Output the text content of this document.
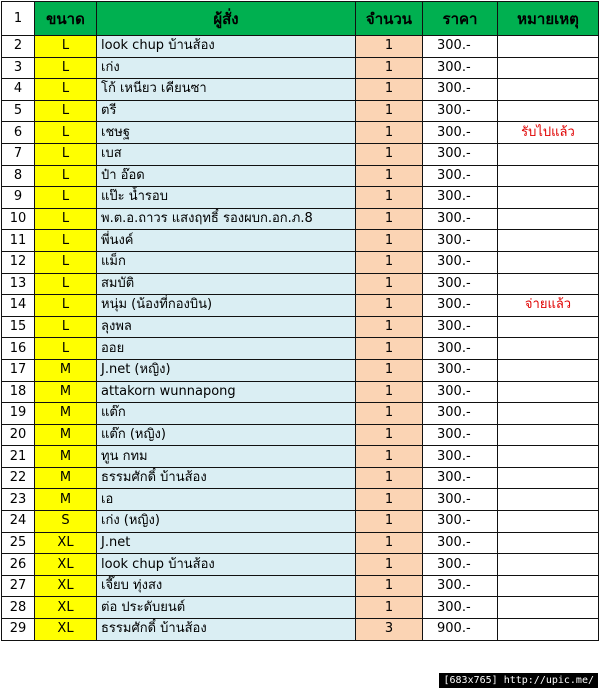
1	ขนาด	ผู้สั่ง	จำนวน	ราคา	หมายเหตุ
2	L	look chup บ้านส้อง	1	300.-	
3	L	เก่ง	1	300.-	
4	L	โก้ เหนียว เคียนซา	1	300.-	
5	L	ตรี	1	300.-	
6	L	เชษฐ	1	300.-	รับไปแล้ว
7	L	เบส	1	300.-	
8	L	ป๋า อ๊อด	1	300.-	
9	L	แป๊ะ น้ำรอบ	1	300.-	
10	L	พ.ต.อ.ถาวร แสงฤทธิ์ รองผบก.อก.ภ.8	1	300.-	
11	L	พี่นงค์	1	300.-	
12	L	แม็ก	1	300.-	
13	L	สมบัติ	1	300.-	
14	L	หนุ่ม (น้องที่กองบิน)	1	300.-	จ่ายแล้ว
15	L	ลุงพล	1	300.-	
16	L	ออย	1	300.-	
17	M	J.net (หญิง)	1	300.-	
18	M	attakorn wunnapong	1	300.-	
19	M	แต๊ก	1	300.-	
20	M	แต๊ก (หญิง)	1	300.-	
21	M	ทูน กทม	1	300.-	
22	M	ธรรมศักดิ์ บ้านส้อง	1	300.-	
23	M	เอ	1	300.-	
24	S	เก่ง (หญิง)	1	300.-	
25	XL	J.net	1	300.-	
26	XL	look chup บ้านส้อง	1	300.-	
27	XL	เจี๊ยบ ทุ่งสง	1	300.-	
28	XL	ต่อ ประดับยนต์	1	300.-	
29	XL	ธรรมศักดิ์ บ้านส้อง	3	900.-	
[683x765] http://upic.me/
